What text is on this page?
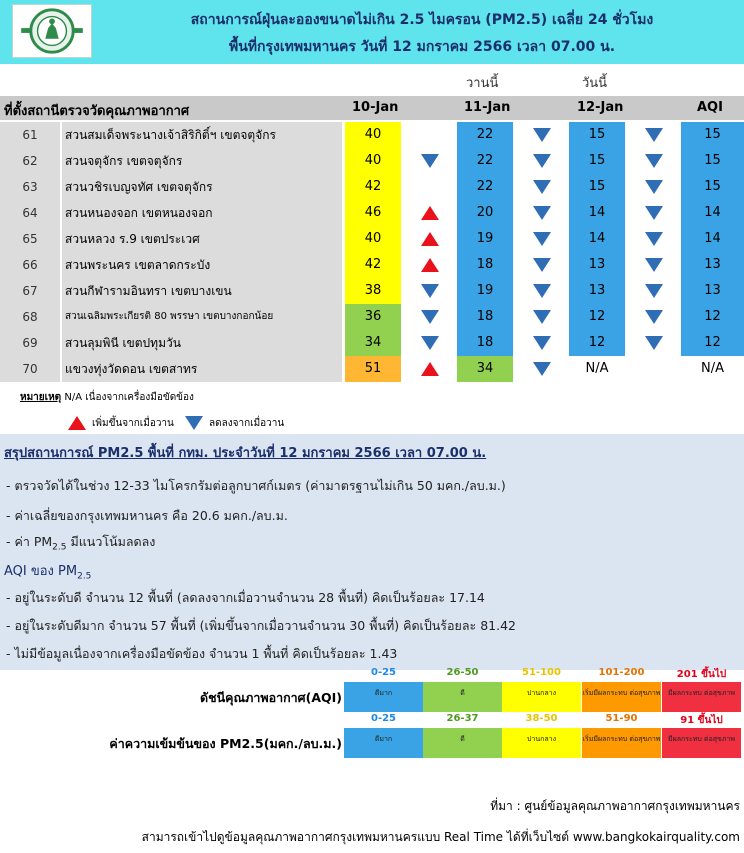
สถานการณ์ฝุ่นละอองขนาดไม่เกิน 2.5 ไมครอน (PM2.5) เฉลี่ย 24 ชั่วโมง
พื้นที่กรุงเทพมหานคร วันที่ 12 มกราคม 2566 เวลา 07.00 น.
วานนี้	วันนี้
ที่ตั้งสถานีตรวจวัดคุณภาพอากาศ	10-Jan	11-Jan	12-Jan	AQI
61	สวนสมเด็จพระนางเจ้าสิริกิติ์ฯ เขตจตุจักร	40	22	15	15
62	สวนจตุจักร เขตจตุจักร	40	22	15	15
63	สวนวชิรเบญจทัศ เขตจตุจักร	42	22	15	15
64	สวนหนองจอก เขตหนองจอก	46	20	14	14
65	สวนหลวง ร.9 เขตประเวศ	40	19	14	14
66	สวนพระนคร เขตลาดกระบัง	42	18	13	13
67	สวนกีฬารามอินทรา เขตบางเขน	38	19	13	13
68	สวนเฉลิมพระเกียรติ 80 พรรษา เขตบางกอกน้อย	36	18	12	12
69	สวนลุมพินี เขตปทุมวัน	34	18	12	12
70	แขวงทุ่งวัดดอน เขตสาทร	51	34	N/A	N/A
หมายเหตุ N/A เนื่องจากเครื่องมือขัดข้อง
เพิ่มขึ้นจากเมื่อวาน	ลดลงจากเมื่อวาน
สรุปสถานการณ์ PM2.5 พื้นที่ กทม. ประจำวันที่ 12 มกราคม 2566 เวลา 07.00 น.
- ตรวจวัดได้ในช่วง 12-33 ไมโครกรัมต่อลูกบาศก์เมตร (ค่ามาตรฐานไม่เกิน 50 มคก./ลบ.ม.)
- ค่าเฉลี่ยของกรุงเทพมหานคร คือ 20.6 มคก./ลบ.ม.
- ค่า $PM_{2.5}$ มีแนวโน้มลดลง
AQI ของ $PM_{2.5}$
- อยู่ในระดับดี จำนวน 12 พื้นที่ (ลดลงจากเมื่อวานจำนวน 28 พื้นที่) คิดเป็นร้อยละ 17.14
- อยู่ในระดับดีมาก จำนวน 57 พื้นที่ (เพิ่มขึ้นจากเมื่อวานจำนวน 30 พื้นที่) คิดเป็นร้อยละ 81.42
- ไม่มีข้อมูลเนื่องจากเครื่องมือขัดข้อง จำนวน 1 พื้นที่ คิดเป็นร้อยละ 1.43
ดัชนีคุณภาพอากาศ(AQI)
0-25
ดีมาก
26-50
ดี
51-100
ปานกลาง
101-200
เริ่มมีผลกระทบ ต่อสุขภาพ
201 ขึ้นไป
มีผลกระทบ ต่อสุขภาพ
ค่าความเข้มข้นของ PM2.5(มคก./ลบ.ม.)
0-25
ดีมาก
26-37
ดี
38-50
ปานกลาง
51-90
เริ่มมีผลกระทบ ต่อสุขภาพ
91 ขึ้นไป
มีผลกระทบ ต่อสุขภาพ
ที่มา : ศูนย์ข้อมูลคุณภาพอากาศกรุงเทพมหานคร
สามารถเข้าไปดูข้อมูลคุณภาพอากาศกรุงเทพมหานครแบบ Real Time ได้ที่เว็บไซต์ www.bangkokairquality.com
